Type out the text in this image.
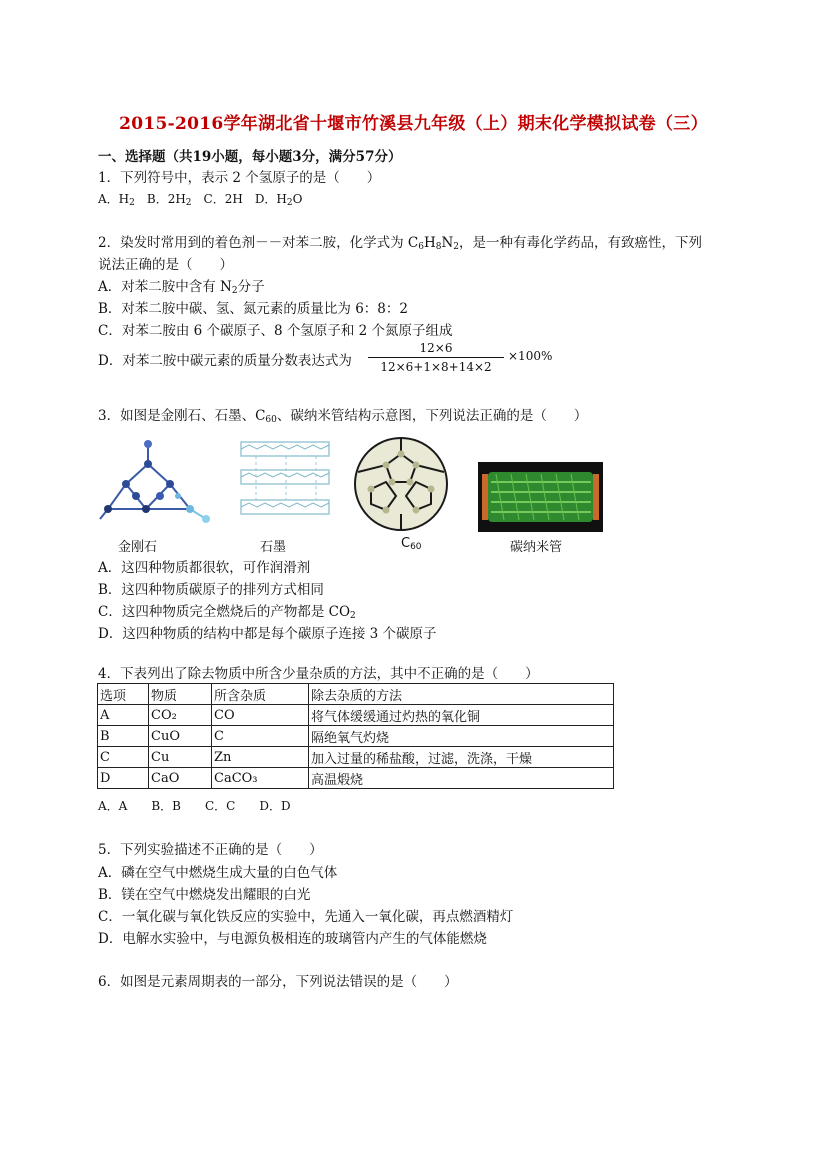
2015-2016学年湖北省十堰市竹溪县九年级（上）期末化学模拟试卷（三）
一、选择题（共19小题，每小题3分，满分57分）
1．下列符号中，表示 2 个氢原子的是（　　）
A．$H_2$　B．$2H_2$　C．2H　D．$H_2O$
2．染发时常用到的着色剂－－对苯二胺，化学式为 $C_6H_8N_2$，是一种有毒化学药品，有致癌性，下列
说法正确的是（　　）
A．对苯二胺中含有 $N_2$分子
B．对苯二胺中碳、氢、氮元素的质量比为 6：8：2
C．对苯二胺由 6 个碳原子、8 个氢原子和 2 个氮原子组成
D．对苯二胺中碳元素的质量分数表达式为
12×6
12×6+1×8+14×2
×100%
3．如图是金刚石、石墨、$C_{60}$、碳纳米管结构示意图，下列说法正确的是（　　）
金刚石	石墨	$C_{60}$	碳纳米管
A．这四种物质都很软，可作润滑剂
B．这四种物质碳原子的排列方式相同
C．这四种物质完全燃烧后的产物都是 $CO_2$
D．这四种物质的结构中都是每个碳原子连接 3 个碳原子
4．下表列出了除去物质中所含少量杂质的方法，其中不正确的是（　　）
选项	物质	所含杂质	除去杂质的方法
A	CO₂	CO	将气体缓缓通过灼热的氧化铜
B	CuO	C	隔绝氧气灼烧
C	Cu	Zn	加入过量的稀盐酸，过滤，洗涤，干燥
D	CaO	CaCO₃	高温煅烧
A．A　　B．B　　C．C　　D．D
5．下列实验描述不正确的是（　　）
A．磷在空气中燃烧生成大量的白色气体
B．镁在空气中燃烧发出耀眼的白光
C．一氧化碳与氧化铁反应的实验中，先通入一氧化碳，再点燃酒精灯
D．电解水实验中，与电源负极相连的玻璃管内产生的气体能燃烧
6．如图是元素周期表的一部分，下列说法错误的是（　　）
